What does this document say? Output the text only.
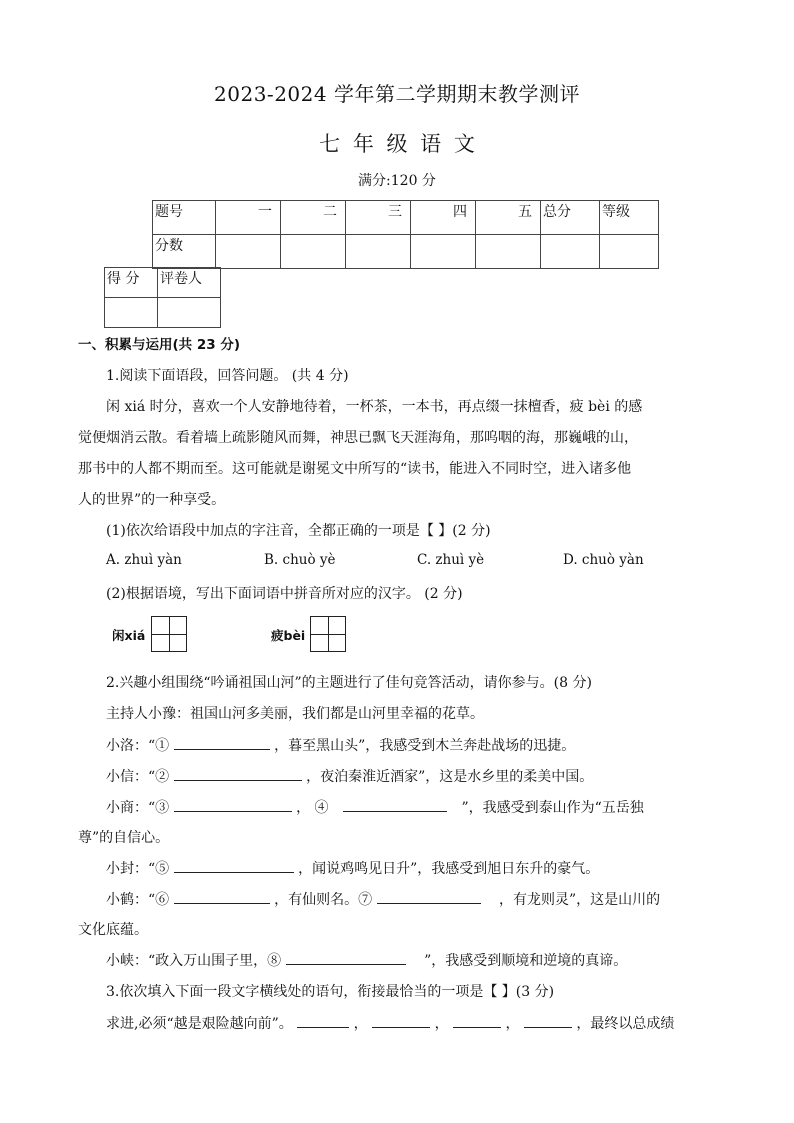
2023-2024 学年第二学期期末教学测评
七 年 级 语 文
满分:120 分
题号	一	二	三	四	五	总分	等级
分数							
得 分	评卷人

一、积累与运用(共 23 分)
1.阅读下面语段，回答问题。 (共 4 分)
闲 xiá 时分，喜欢一个人安静地待着，一杯茶，一本书，再点缀一抹檀香，疲 bèi 的感
觉便烟消云散。看着墙上疏影随风而舞，神思已飘飞天涯海角，那呜咽的海，那巍峨的山，
那书中的人都不期而至。这可能就是谢冕文中所写的“读书，能进入不同时空，进入诸多他
人的世界”的一种享受。
(1)依次给语段中加点的字注音，全都正确的一项是【 】(2 分)
A. zhuì yàn	B. chuò yè	C. zhuì yè	D. chuò yàn
(2)根据语境，写出下面词语中拼音所对应的汉字。 (2 分)
闲xiá	疲bèi
2.兴趣小组围绕“吟诵祖国山河”的主题进行了佳句竞答活动，请你参与。(8 分)
主持人小豫：祖国山河多美丽，我们都是山河里幸福的花草。
小洛：“①	，暮至黑山头”，我感受到木兰奔赴战场的迅捷。
小信：“②	，夜泊秦淮近酒家”，这是水乡里的柔美中国。
小商：“③	， ④	”，我感受到泰山作为“五岳独
尊”的自信心。
小封：“⑤	，闻说鸡鸣见日升”，我感受到旭日东升的豪气。
小鹤：“⑥	，有仙则名。⑦	，有龙则灵”，这是山川的
文化底蕴。
小峡：“政入万山围子里，⑧	”，我感受到顺境和逆境的真谛。
3.依次填入下面一段文字横线处的语句，衔接最恰当的一项是【 】(3 分)
求进,必须“越是艰险越向前”。	，	，	，	，最终以总成绩
